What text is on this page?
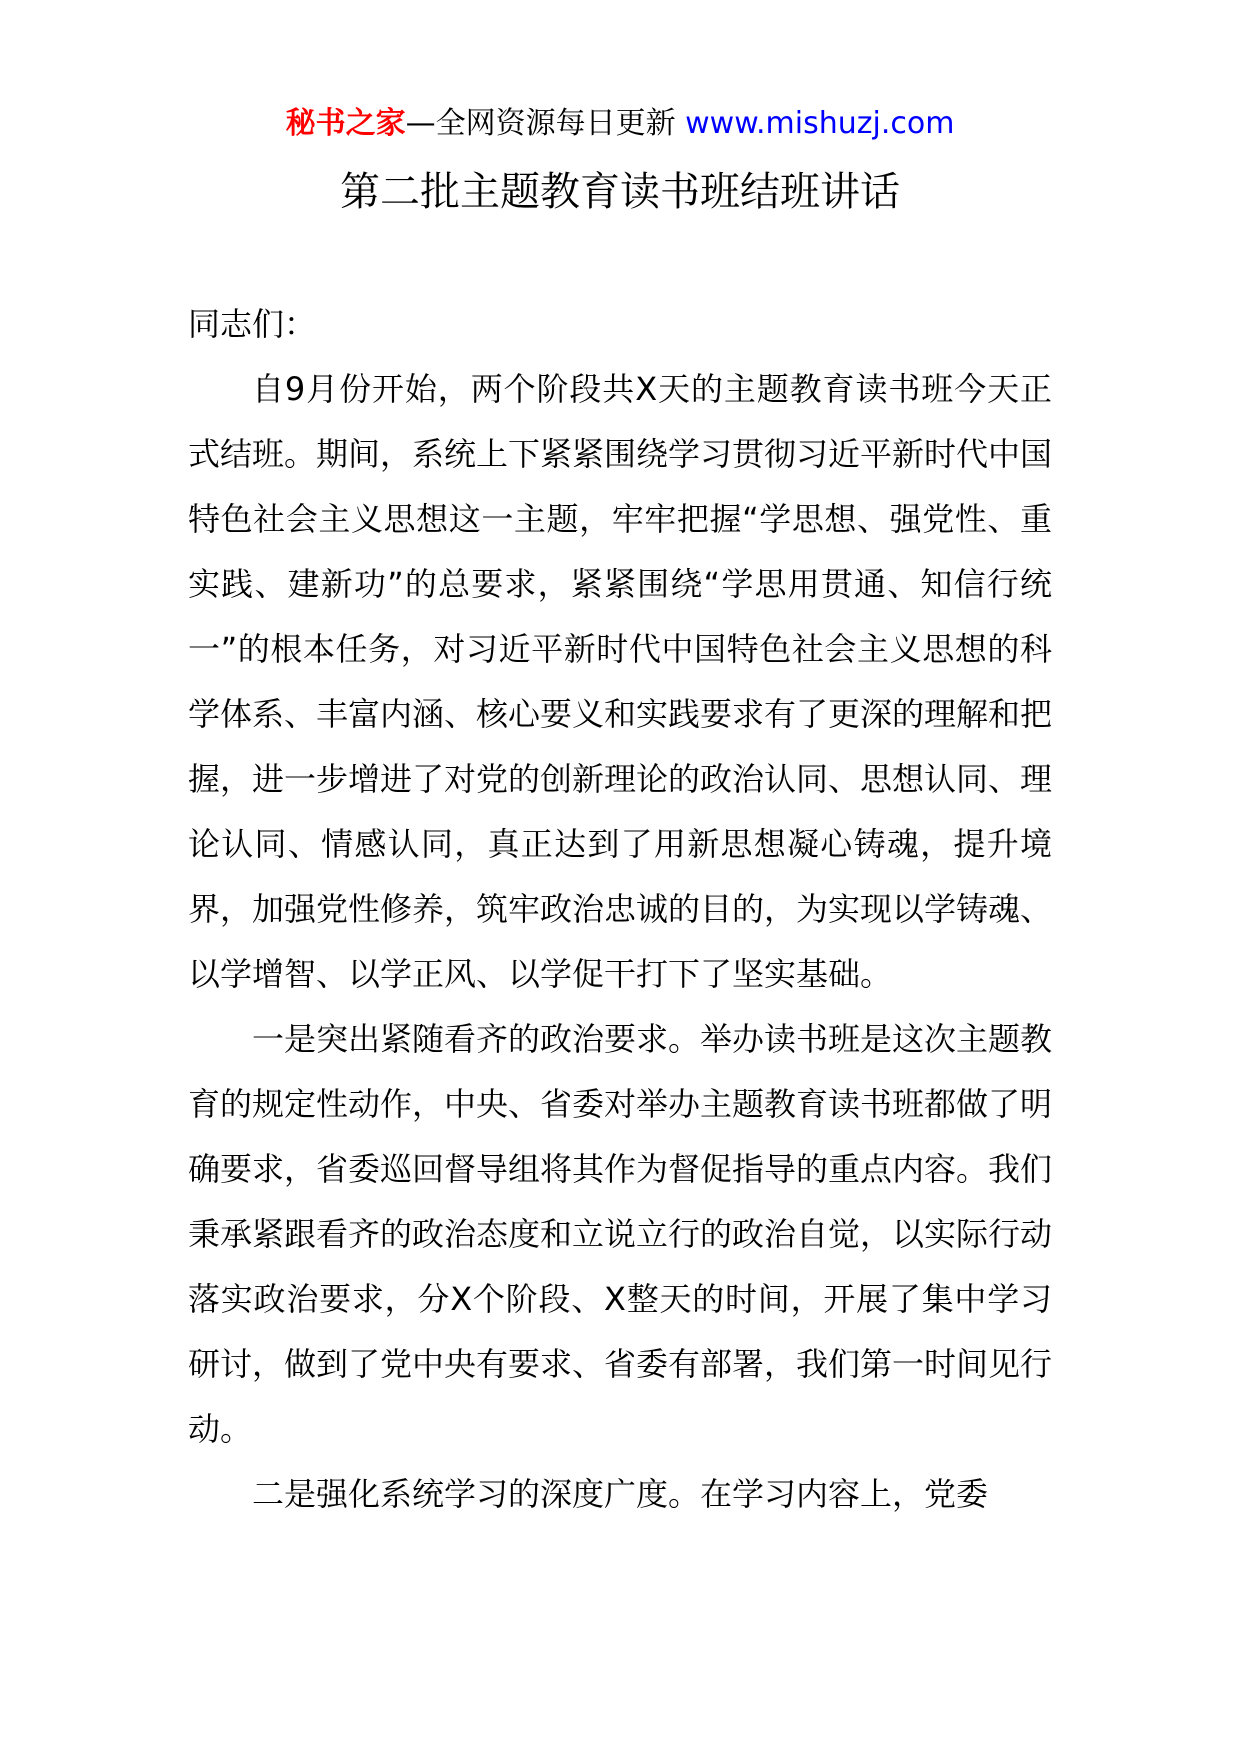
秘书之家—全网资源每日更新 www.mishuzj.com
第二批主题教育读书班结班讲话

同志们：

自9月份开始，两个阶段共X天的主题教育读书班今天正式结班。期间，系统上下紧紧围绕学习贯彻习近平新时代中国特色社会主义思想这一主题，牢牢把握“学思想、强党性、重实践、建新功”的总要求，紧紧围绕“学思用贯通、知信行统一”的根本任务，对习近平新时代中国特色社会主义思想的科学体系、丰富内涵、核心要义和实践要求有了更深的理解和把握，进一步增进了对党的创新理论的政治认同、思想认同、理论认同、情感认同，真正达到了用新思想凝心铸魂，提升境界，加强党性修养，筑牢政治忠诚的目的，为实现以学铸魂、以学增智、以学正风、以学促干打下了坚实基础。

一是突出紧随看齐的政治要求。举办读书班是这次主题教育的规定性动作，中央、省委对举办主题教育读书班都做了明确要求，省委巡回督导组将其作为督促指导的重点内容。我们秉承紧跟看齐的政治态度和立说立行的政治自觉，以实际行动落实政治要求，分X个阶段、X整天的时间，开展了集中学习研讨，做到了党中央有要求、省委有部署，我们第一时间见行动。

二是强化系统学习的深度广度。在学习内容上，党委
